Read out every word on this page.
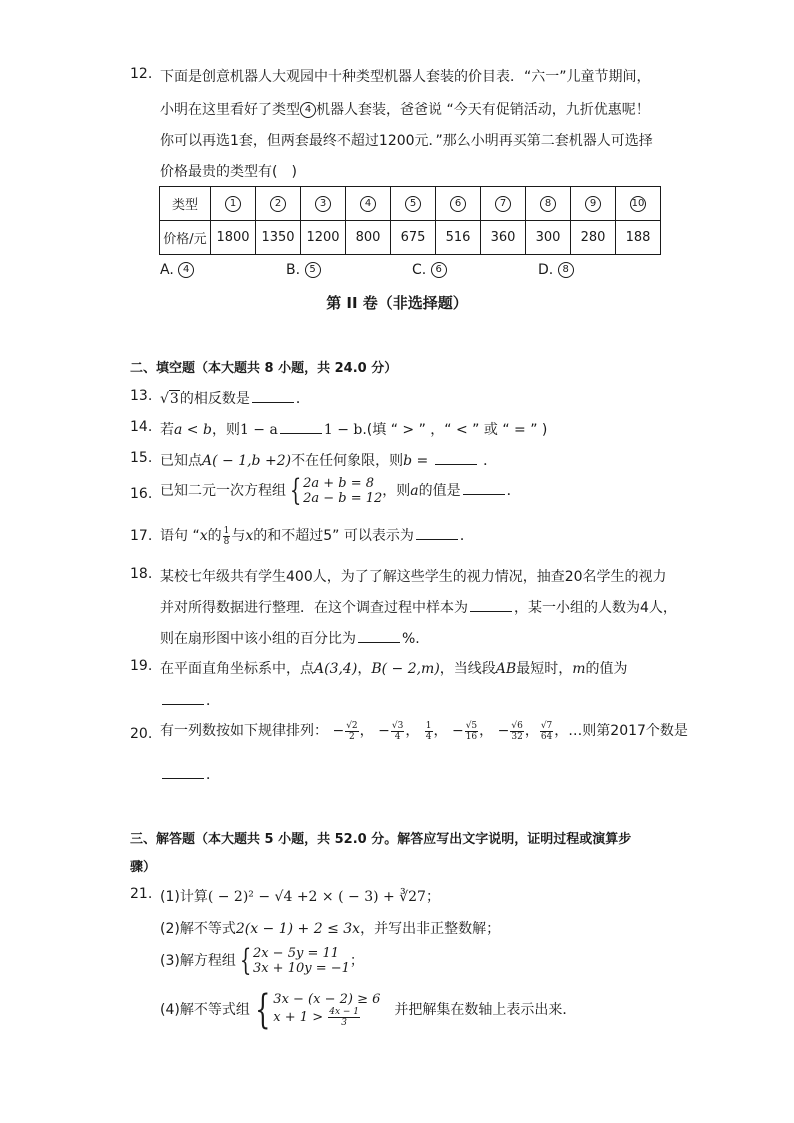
12. 下面是创意机器人大观园中十种类型机器人套装的价目表．“六一”儿童节期间，
小明在这里看好了类型 4 机器人套装，爸爸说 “今天有促销活动，九折优惠呢！
你可以再选1套，但两套最终不超过1200元．”那么小明再买第二套机器人可选择
价格最贵的类型有(　)
类型	1	2	3	4	5	6	7	8	9	10
价格/元	1800	1350	1200	800	675	516	360	300	280	188
A. 4	B. 5	C. 6	D. 8
第 II 卷（非选择题）
二、填空题（本大题共 8 小题，共 24.0 分）
13. √3的相反数是	．
14. 若a < b，则1 − a	1 − b.(填 “ > ” ，“ < ” 或 “ = ” )
15. 已知点A( − 1,b +2)不在任何象限，则b =	．
16. 已知二元一次方程组 { 2a + b = 8
2a − b = 12 ，则a的值是	．
17. 语句 “x的 $\frac{1}{8}$ 与x的和不超过5” 可以表示为	．
18. 某校七年级共有学生400人，为了了解这些学生的视力情况，抽查20名学生的视力
并对所得数据进行整理．在这个调查过程中样本为	，某一小组的人数为4人，
则在扇形图中该小组的百分比为	%.
19. 在平面直角坐标系中，点A(3,4)，B( − 2,m)，当线段AB最短时，m的值为
．
20. 有一列数按如下规律排列： − $\frac{√2}{2}$ ， − $\frac{√3}{4}$ ， $\frac{1}{4}$ ， − $\frac{√5}{16}$ ， − $\frac{√6}{32}$ ， $\frac{√7}{64}$ ，…则第2017个数是
．
三、解答题（本大题共 5 小题，共 52.0 分。解答应写出文字说明，证明过程或演算步
骤）
21. (1)计算( − 2)² − √4 +2 × ( − 3) + ∛27；
(2)解不等式2(x − 1) + 2 ≤ 3x，并写出非正整数解；
(3)解方程组 { 2x − 5y = 11
3x + 10y = −1 ；
(4)解不等式组 { 3x − (x − 2) ≥ 6
$x + 1 > \frac{4x - 1}{3}$
　 并把解集在数轴上表示出来．
